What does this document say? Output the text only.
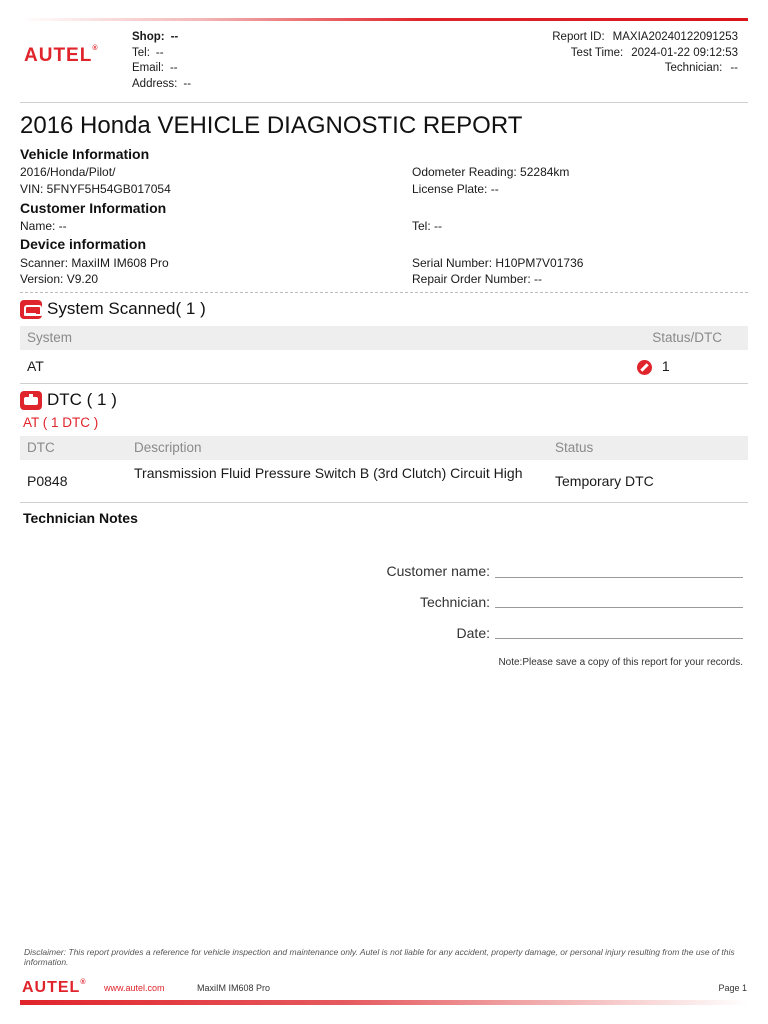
AUTEL®
Shop: --
Tel: --
Email: --
Address: --
Report ID: MAXIA20240122091253
Test Time: 2024-01-22 09:12:53
Technician: --
2016 Honda VEHICLE DIAGNOSTIC REPORT
Vehicle Information
2016/Honda/Pilot/
VIN: 5FNYF5H54GB017054
Odometer Reading: 52284km
License Plate: --
Customer Information
Name: --	Tel: --
Device information
Scanner: MaxiIM IM608 Pro
Version: V9.20
Serial Number: H10PM7V01736
Repair Order Number: --
System Scanned( 1 )
System	Status/DTC
AT	1
DTC ( 1 )
AT ( 1 DTC )
DTC	Description	Status
P0848	Transmission Fluid Pressure Switch B (3rd Clutch) Circuit High	Temporary DTC
Technician Notes
Customer name:
Technician:
Date:
Note:Please save a copy of this report for your records.
Disclaimer: This report provides a reference for vehicle inspection and maintenance only. Autel is not liable for any accident, property damage, or personal injury resulting from the use of this information.
AUTEL®
www.autel.com	MaxiIM IM608 Pro	Page 1
